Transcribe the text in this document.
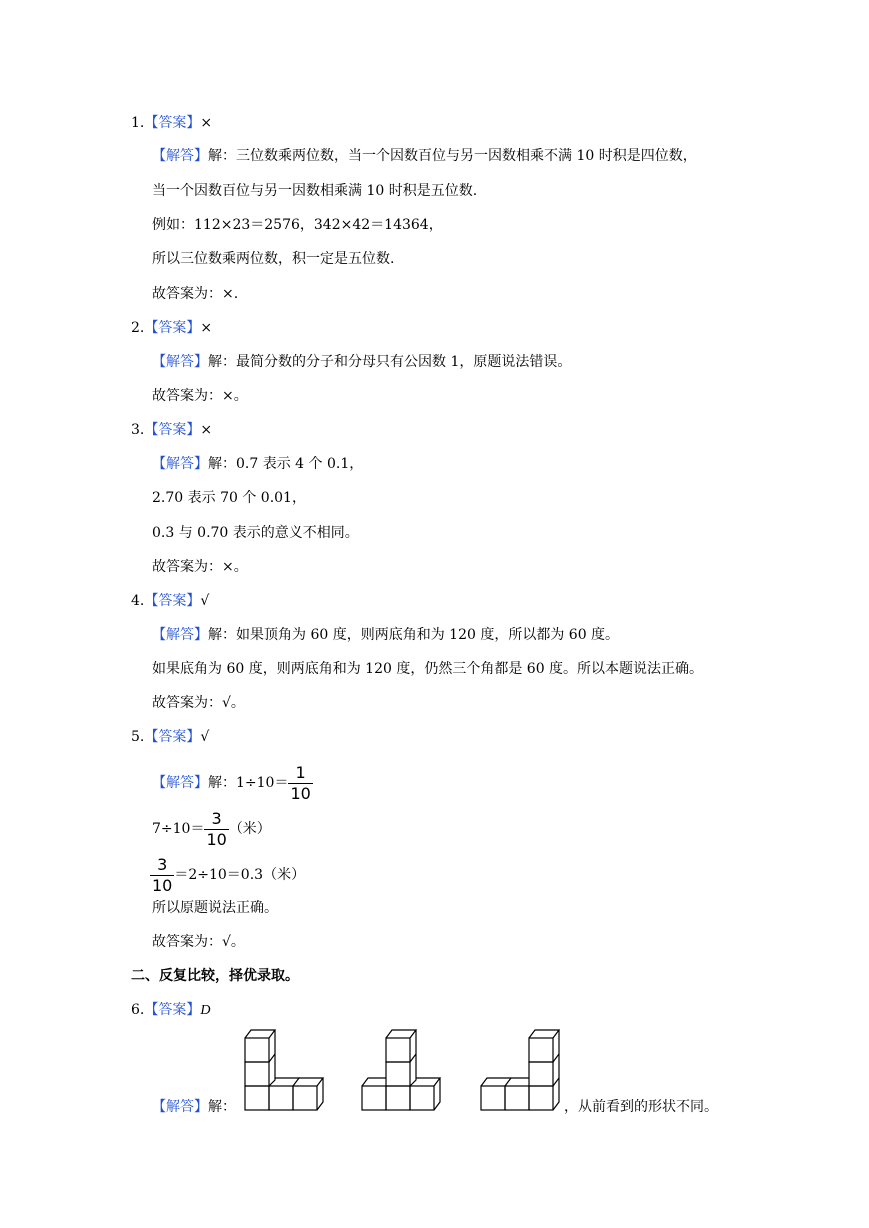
1.【答案】×
【解答】解：三位数乘两位数，当一个因数百位与另一因数相乘不满 10 时积是四位数，
当一个因数百位与另一因数相乘满 10 时积是五位数.
例如：112×23＝2576，342×42＝14364，
所以三位数乘两位数，积一定是五位数.
故答案为：×.
2.【答案】×
【解答】解：最简分数的分子和分母只有公因数 1，原题说法错误。
故答案为：×。
3.【答案】×
【解答】解：0.7 表示 4 个 0.1，
2.70 表示 70 个 0.01，
0.3 与 0.70 表示的意义不相同。
故答案为：×。
4.【答案】√
【解答】解：如果顶角为 60 度，则两底角和为 120 度，所以都为 60 度。
如果底角为 60 度，则两底角和为 120 度，仍然三个角都是 60 度。所以本题说法正确。
故答案为：√。
5.【答案】√
【解答】解：$1\div 10= \frac{1}{10}$
$7\div 10= \frac{3}{10}$ （米）
$\frac{3}{10} =2\div 10=0.3$（米）
所以原题说法正确。
故答案为：√。
二、反复比较，择优录取。
6.【答案】D
【解答】解：	，从前看到的形状不同。
